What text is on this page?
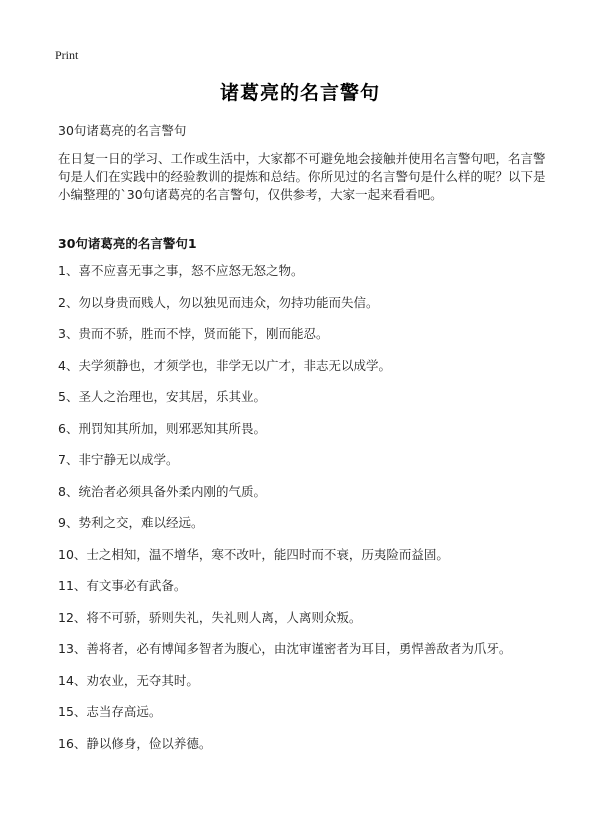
Print
诸葛亮的名言警句

30句诸葛亮的名言警句

在日复一日的学习、工作或生活中，大家都不可避免地会接触并使用名言警句吧，名言警句是人们在实践中的经验教训的提炼和总结。你所见过的名言警句是什么样的呢？以下是小编整理的`30句诸葛亮的名言警句，仅供参考，大家一起来看看吧。

30句诸葛亮的名言警句1
1、喜不应喜无事之事，怒不应怒无怒之物。
2、勿以身贵而贱人，勿以独见而违众，勿持功能而失信。
3、贵而不骄，胜而不悖，贤而能下，刚而能忍。
4、夫学须静也，才须学也，非学无以广才，非志无以成学。
5、圣人之治理也，安其居，乐其业。
6、刑罚知其所加，则邪恶知其所畏。
7、非宁静无以成学。
8、统治者必须具备外柔内刚的气质。
9、势利之交，难以经远。
10、士之相知，温不增华，寒不改叶，能四时而不衰，历夷险而益固。
11、有文事必有武备。
12、将不可骄，骄则失礼，失礼则人离，人离则众叛。
13、善将者，必有博闻多智者为腹心，由沈审谨密者为耳目，勇悍善敌者为爪牙。
14、劝农业，无夺其时。
15、志当存高远。
16、静以修身，俭以养德。
